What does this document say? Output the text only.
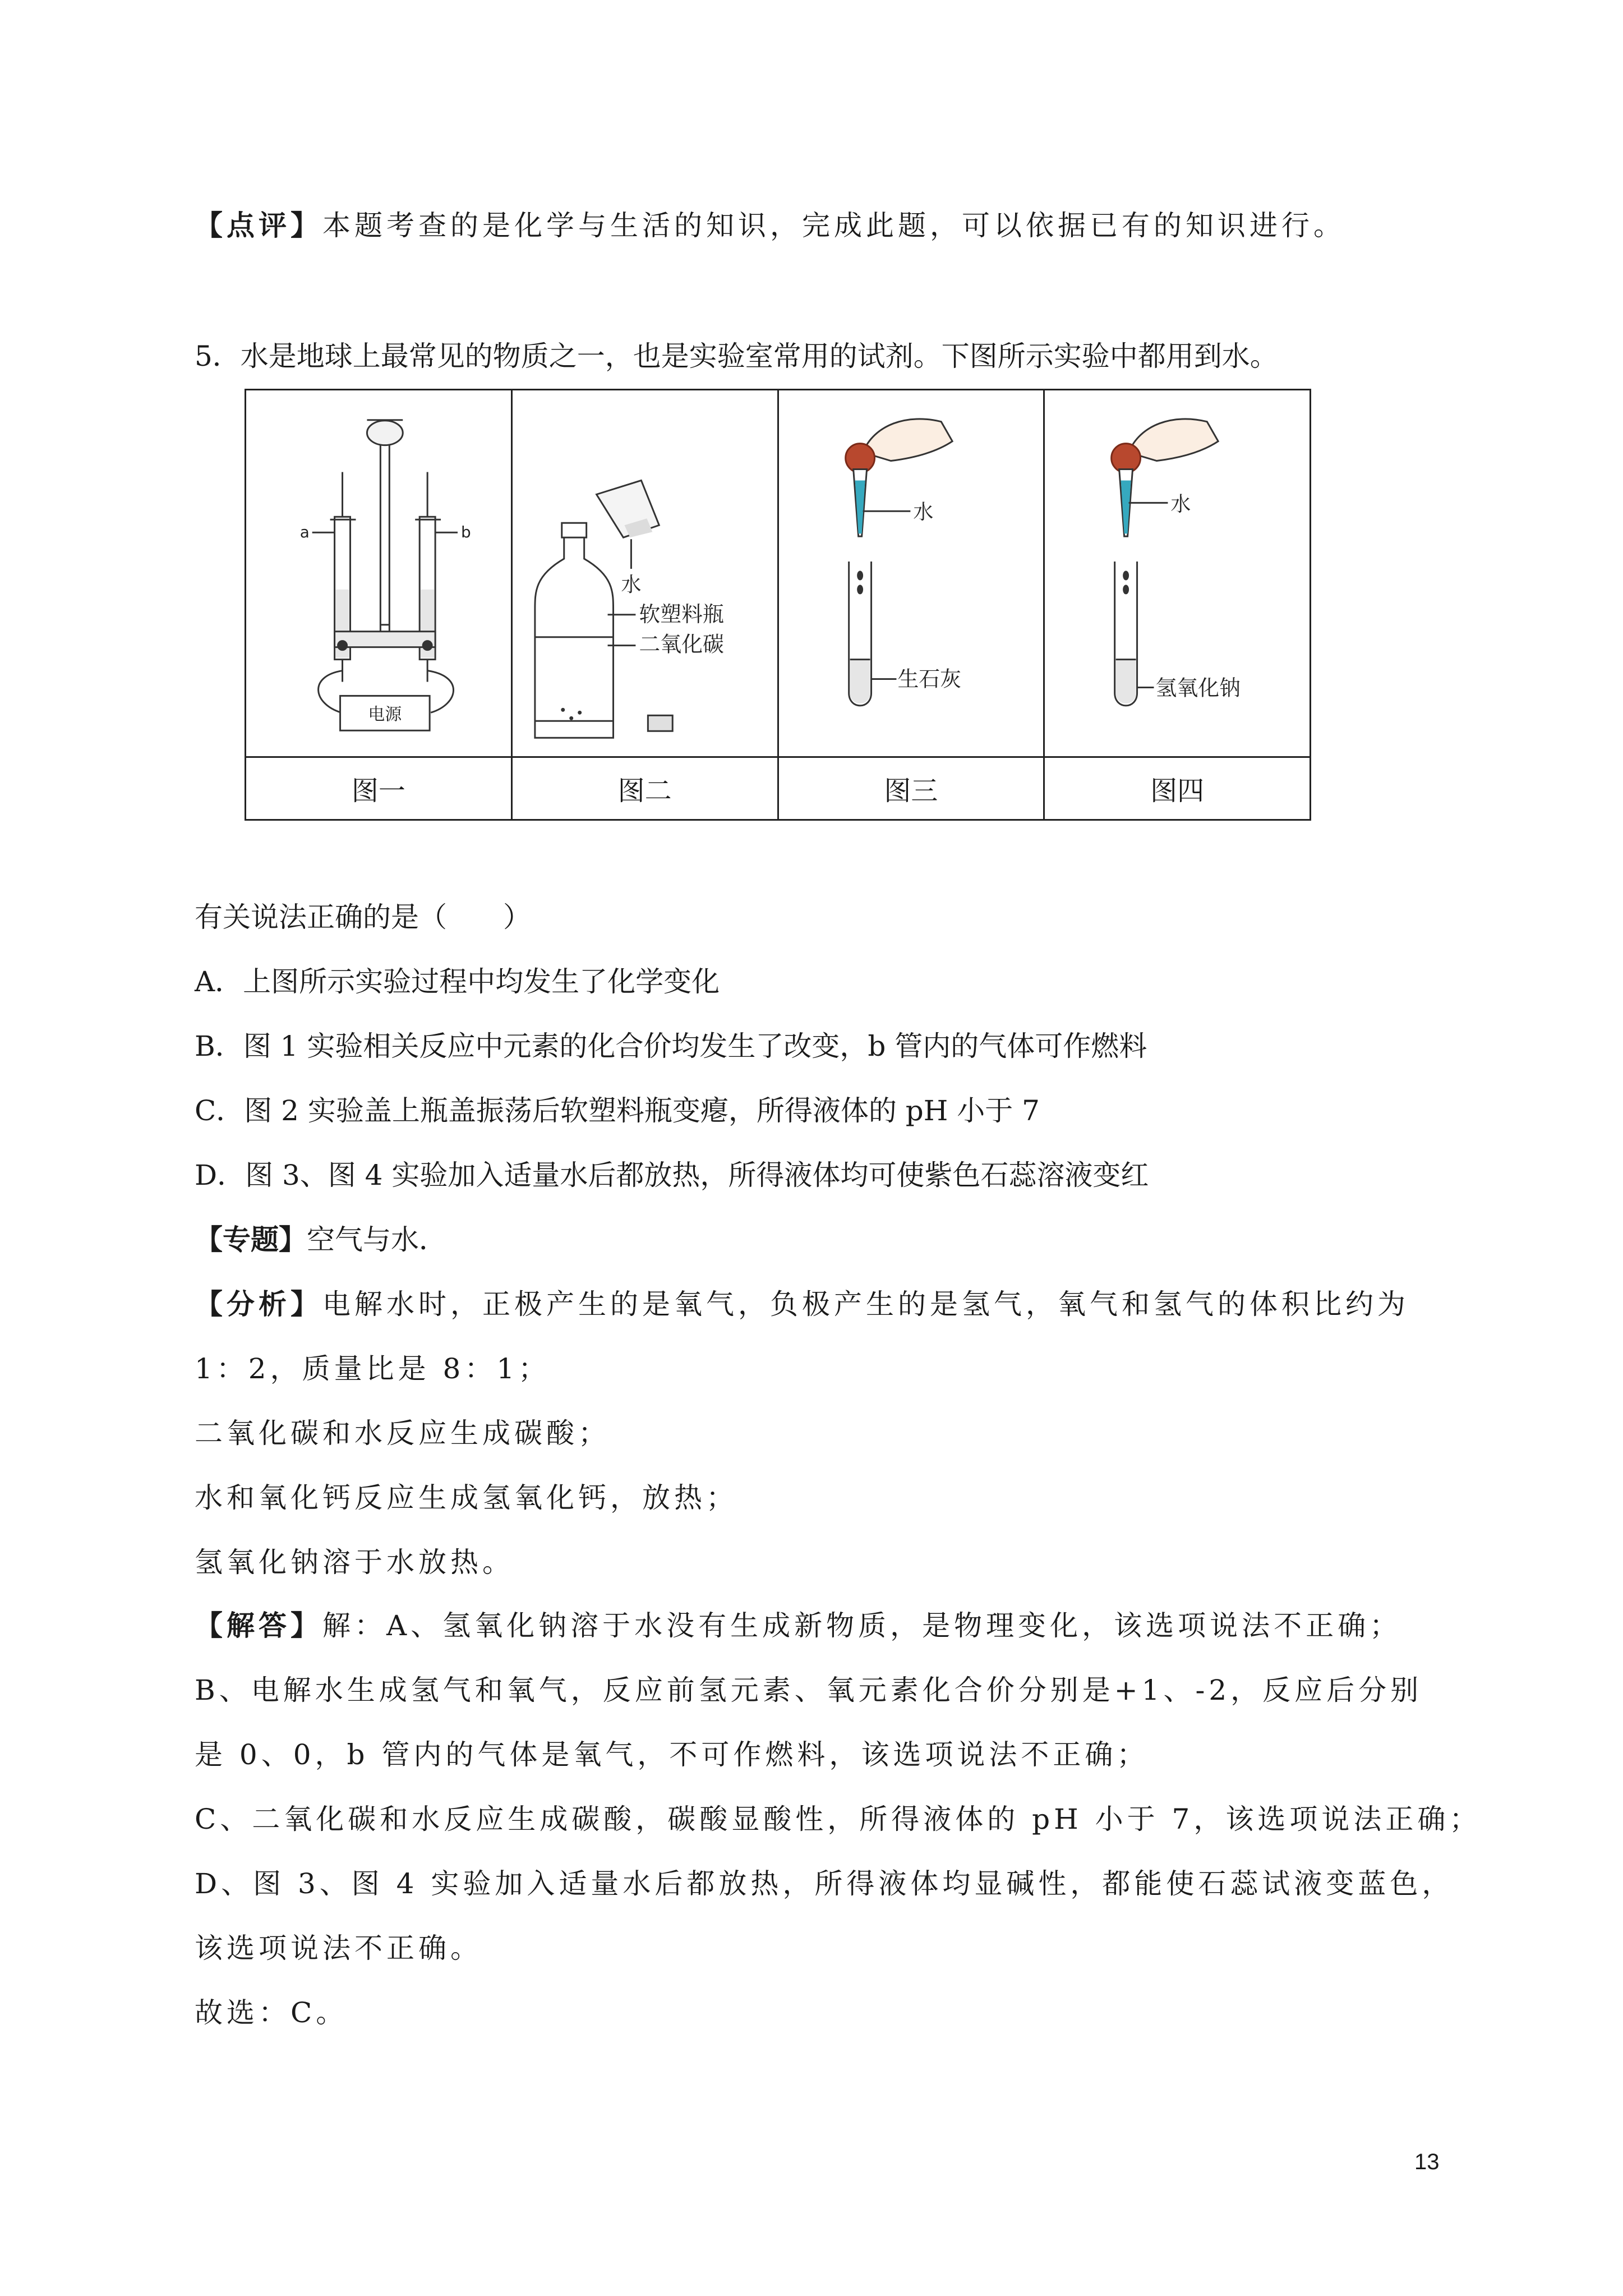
【点评】本题考查的是化学与生活的知识，完成此题，可以依据已有的知识进行。
5．水是地球上最常见的物质之一，也是实验室常用的试剂。下图所示实验中都用到水。
a b
电源	水
软塑料瓶
二氧化碳	水
生石灰	水
氢氧化钠

图一	图二	图三	图四
有关说法正确的是（　　）
A．上图所示实验过程中均发生了化学变化
B．图 1 实验相关反应中元素的化合价均发生了改变，b 管内的气体可作燃料
C．图 2 实验盖上瓶盖振荡后软塑料瓶变瘪，所得液体的 pH 小于 7
D．图 3、图 4 实验加入适量水后都放热，所得液体均可使紫色石蕊溶液变红
【专题】空气与水．
【分析】电解水时，正极产生的是氧气，负极产生的是氢气，氧气和氢气的体积比约为
1：2，质量比是 8：1；
二氧化碳和水反应生成碳酸；
水和氧化钙反应生成氢氧化钙，放热；
氢氧化钠溶于水放热。
【解答】解：A、氢氧化钠溶于水没有生成新物质，是物理变化，该选项说法不正确；
B、电解水生成氢气和氧气，反应前氢元素、氧元素化合价分别是+1、-2，反应后分别
是 0、0，b 管内的气体是氧气，不可作燃料，该选项说法不正确；
C、二氧化碳和水反应生成碳酸，碳酸显酸性，所得液体的 pH 小于 7，该选项说法正确；
D、图 3、图 4 实验加入适量水后都放热，所得液体均显碱性，都能使石蕊试液变蓝色，
该选项说法不正确。
故选：C。
13
